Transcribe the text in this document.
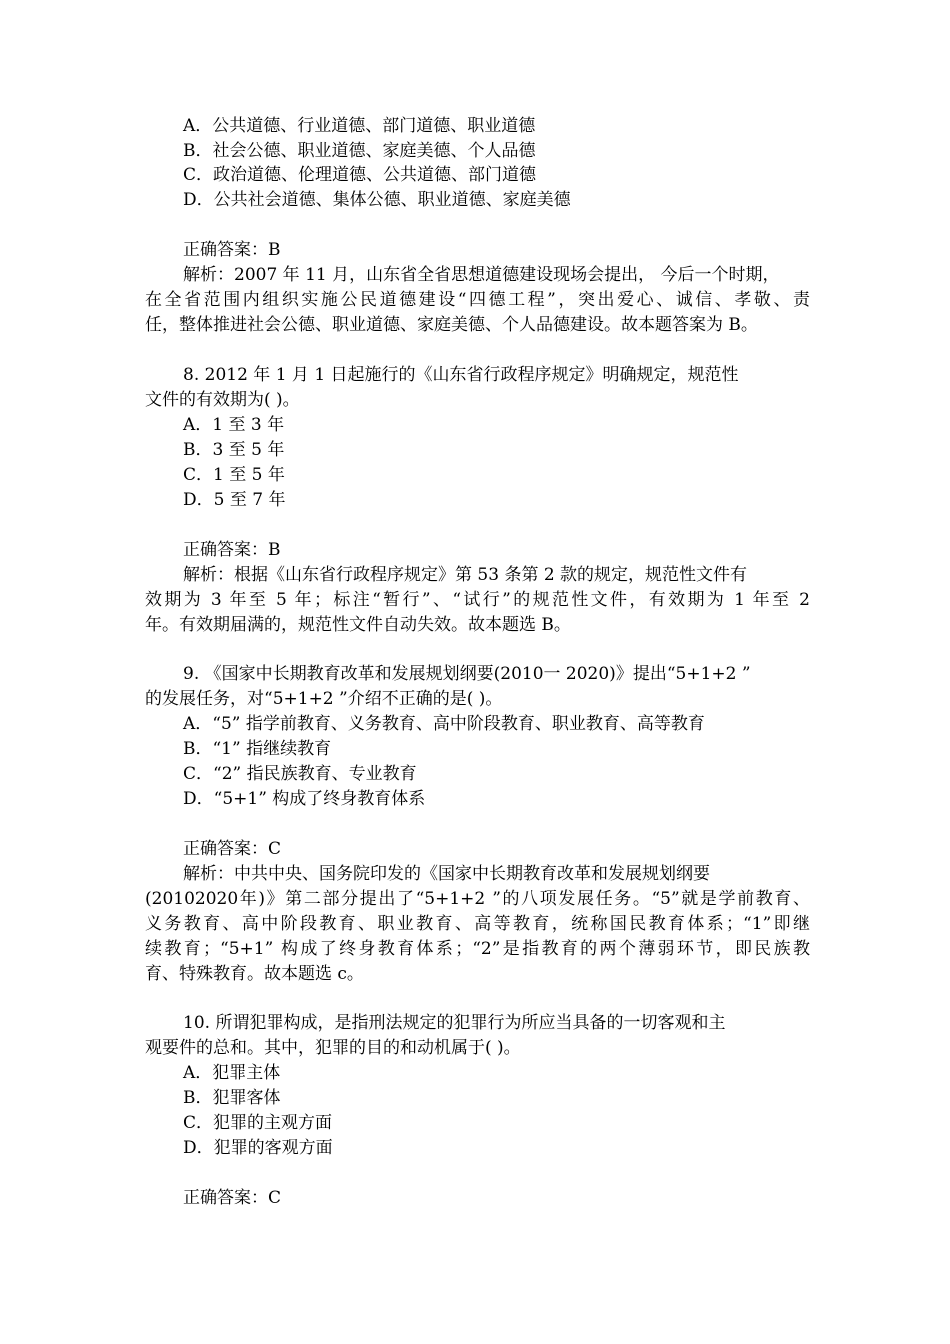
A．公共道德、行业道德、部门道德、职业道德
B．社会公德、职业道德、家庭美德、个人品德
C．政治道德、伦理道德、公共道德、部门道德
D．公共社会道德、集体公德、职业道德、家庭美德
正确答案：B
解析：2007 年 11 月，山东省全省思想道德建设现场会提出， 今后一个时期，
在全省范围内组织实施公民道德建设“四德工程”，突出爱心、诚信、孝敬、责
任，整体推进社会公德、职业道德、家庭美德、个人品德建设。故本题答案为 B。
8. 2012 年 1 月 1 日起施行的《山东省行政程序规定》明确规定，规范性
文件的有效期为( )。
A．1 至 3 年
B．3 至 5 年
C．1 至 5 年
D．5 至 7 年
正确答案：B
解析：根据《山东省行政程序规定》第 53 条第 2 款的规定，规范性文件有
效期为 3 年至 5 年；标注“暂行”、“试行”的规范性文件，有效期为 1 年至 2
年。有效期届满的，规范性文件自动失效。故本题选 B。
9. 《国家中长期教育改革和发展规划纲要(2010一 2020)》提出“5+1+2 ”
的发展任务，对“5+1+2 ”介绍不正确的是( )。
A．“5” 指学前教育、义务教育、高中阶段教育、职业教育、高等教育
B．“1” 指继续教育
C．“2” 指民族教育、专业教育
D．“5+1” 构成了终身教育体系
正确答案：C
解析：中共中央、国务院印发的《国家中长期教育改革和发展规划纲要
(20102020年)》第二部分提出了“5+1+2 ”的八项发展任务。“5”就是学前教育、
义务教育、高中阶段教育、职业教育、高等教育，统称国民教育体系；“1”即继
续教育；“5+1” 构成了终身教育体系；“2”是指教育的两个薄弱环节，即民族教
育、特殊教育。故本题选 c。
10. 所谓犯罪构成，是指刑法规定的犯罪行为所应当具备的一切客观和主
观要件的总和。其中，犯罪的目的和动机属于( )。
A．犯罪主体
B．犯罪客体
C．犯罪的主观方面
D．犯罪的客观方面
正确答案：C
